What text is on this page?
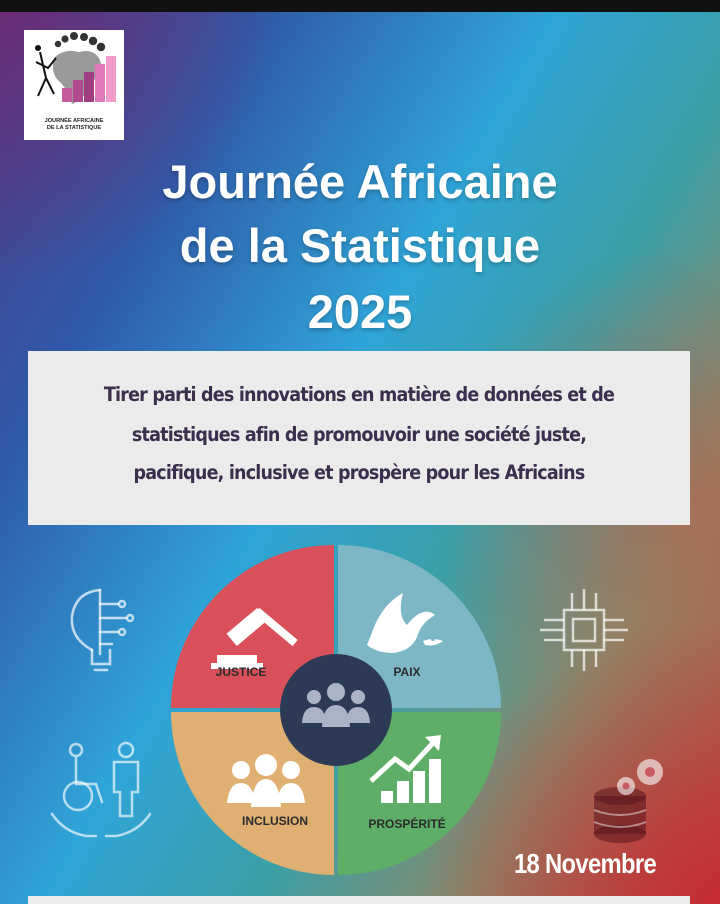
JOURNÉE AFRICAINE
DE LA STATISTIQUE
Journée Africaine
de la Statistique
2025
Tirer parti des innovations en matière de données et de
statistiques afin de promouvoir une société juste,
pacifique, inclusive et prospère pour les Africains
JUSTICE	PAIX
INCLUSION	PROSPÉRITÉ
18 Novembre
